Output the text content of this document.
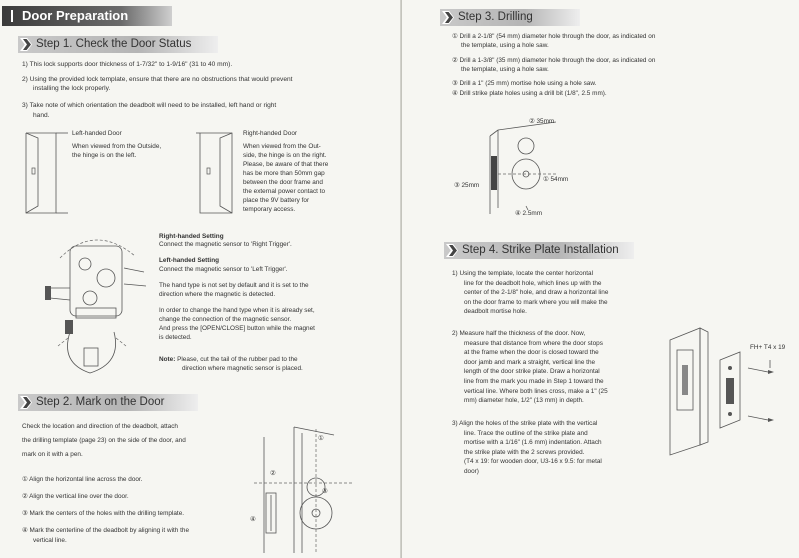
Door Preparation
Step 1. Check the Door Status
1) This lock supports door thickness of 1-7/32" to 1-9/16" (31 to 40 mm).
2) Using the provided lock template, ensure that there are no obstructions that would prevent
installing the lock properly.
3) Take note of which orientation the deadbolt will need to be installed, left hand or right
hand.
Left-handed Door
When viewed from the Outside,
the hinge is on the left.
Right-handed Door
When viewed from the Out-
side, the hinge is on the right.
Please, be aware of that there
has be more than 50mm gap
between the door frame and
the external power contact to
place the 9V battery for
temporary access.
Right-handed Setting
Connect the magnetic sensor to 'Right Trigger'.
Left-handed Setting
Connect the magnetic sensor to 'Left Trigger'.
The hand type is not set by default and it is set to the
direction where the magnetic is detected.
In order to change the hand type when it is already set,
change the connection of the magnetic sensor.
And press the [OPEN/CLOSE] button while the magnet
is detected.
Note: Please, cut the tail of the rubber pad to the
direction where magnetic sensor is placed.
Step 2. Mark on the Door
Check the location and direction of the deadbolt, attach
the drilling template (page 23) on the side of the door, and
mark on it with a pen.
① Align the horizontal line across the door.
② Align the vertical line over the door.
③ Mark the centers of the holes with the drilling template.
④ Mark the centerline of the deadbolt by aligning it with the
vertical line.
①
②
③
④
Step 3. Drilling
① Drill a 2-1/8" (54 mm) diameter hole through the door, as indicated on
the template, using a hole saw.
② Drill a 1-3/8" (35 mm) diameter hole through the door, as indicated on
the template, using a hole saw.
③ Drill a 1" (25 mm) mortise hole using a hole saw.
④ Drill strike plate holes using a drill bit (1/8", 2.5 mm).
② 35mm
① 54mm
③ 25mm
④ 2.5mm
Step 4. Strike Plate Installation
1) Using the template, locate the center horizontal
line for the deadbolt hole, which lines up with the
center of the 2-1/8" hole, and draw a horizontal line
on the door frame to mark where you will make the
deadbolt mortise hole.
2) Measure half the thickness of the door. Now,
measure that distance from where the door stops
at the frame when the door is closed toward the
door jamb and mark a straight, vertical line the
length of the door strike plate. Draw a horizontal
line from the mark you made in Step 1 toward the
vertical line. Where both lines cross, make a 1" (25
mm) diameter hole, 1/2" (13 mm) in depth.
3) Align the holes of the strike plate with the vertical
line. Trace the outline of the strike plate and
mortise with a 1/16" (1.6 mm) indentation. Attach
the strike plate with the 2 screws provided.
(T4 x 19: for wooden door, U3-16 x 9.5: for metal
door)
FH+ T4 x 19
